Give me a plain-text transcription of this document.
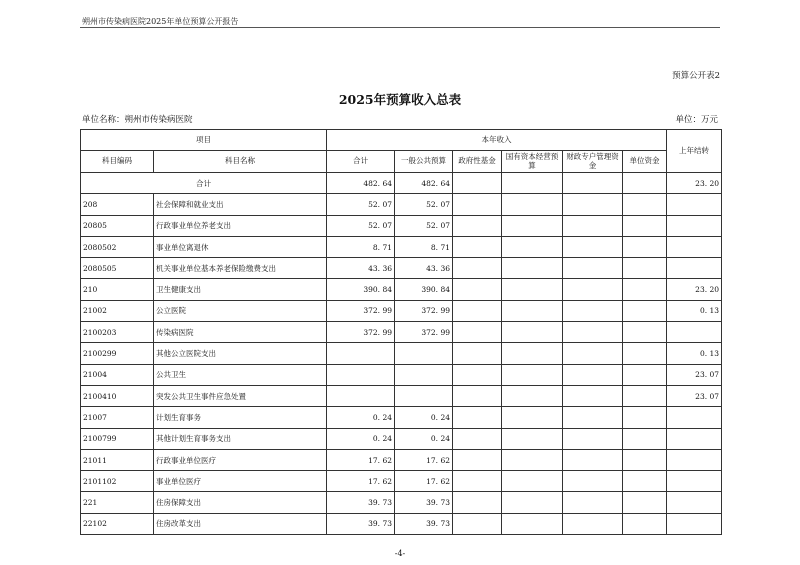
朔州市传染病医院2025年单位预算公开报告
预算公开表2
2025年预算收入总表
单位名称：朔州市传染病医院	单位：万元
项目		本年收入						上年结转
科目编码	科目名称	合计	一般公共预算	政府性基金	国有资本经营预算	财政专户管理资金	单位资金	
合计		482. 64	482. 64					23. 20
208	社会保障和就业支出	52. 07	52. 07					
20805	行政事业单位养老支出	52. 07	52. 07					
2080502	事业单位离退休	8. 71	8. 71					
2080505	机关事业单位基本养老保险缴费支出	43. 36	43. 36					
210	卫生健康支出	390. 84	390. 84					23. 20
21002	公立医院	372. 99	372. 99					0. 13
2100203	传染病医院	372. 99	372. 99					
2100299	其他公立医院支出							0. 13
21004	公共卫生							23. 07
2100410	突发公共卫生事件应急处置							23. 07
21007	计划生育事务	0. 24	0. 24					
2100799	其他计划生育事务支出	0. 24	0. 24					
21011	行政事业单位医疗	17. 62	17. 62					
2101102	事业单位医疗	17. 62	17. 62					
221	住房保障支出	39. 73	39. 73					
22102	住房改革支出	39. 73	39. 73					
-4-
